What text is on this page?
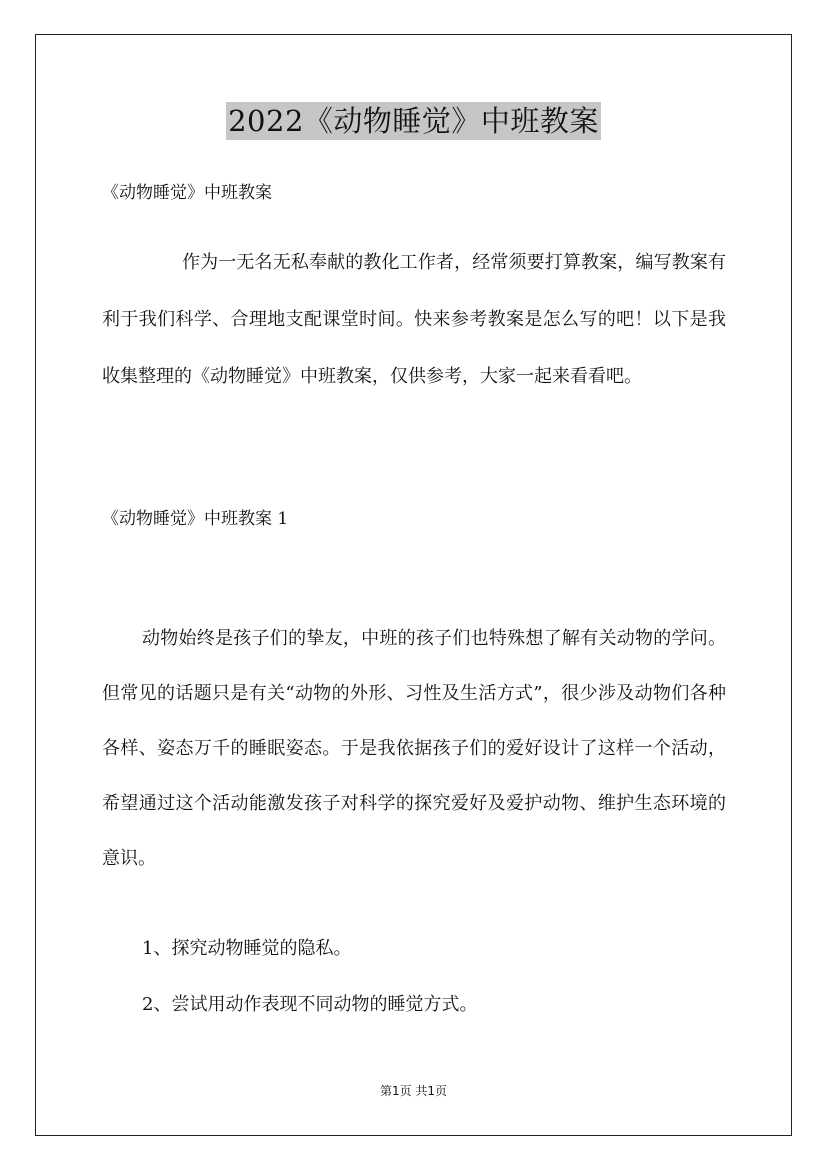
2022《动物睡觉》中班教案

《动物睡觉》中班教案

作为一无名无私奉献的教化工作者，经常须要打算教案，编写教案有利于我们科学、合理地支配课堂时间。快来参考教案是怎么写的吧！以下是我收集整理的《动物睡觉》中班教案，仅供参考，大家一起来看看吧。

《动物睡觉》中班教案 1

动物始终是孩子们的挚友，中班的孩子们也特殊想了解有关动物的学问。但常见的话题只是有关“动物的外形、习性及生活方式”，很少涉及动物们各种各样、姿态万千的睡眠姿态。于是我依据孩子们的爱好设计了这样一个活动，希望通过这个活动能激发孩子对科学的探究爱好及爱护动物、维护生态环境的意识。

1、探究动物睡觉的隐私。

2、尝试用动作表现不同动物的睡觉方式。

第1页 共1页
